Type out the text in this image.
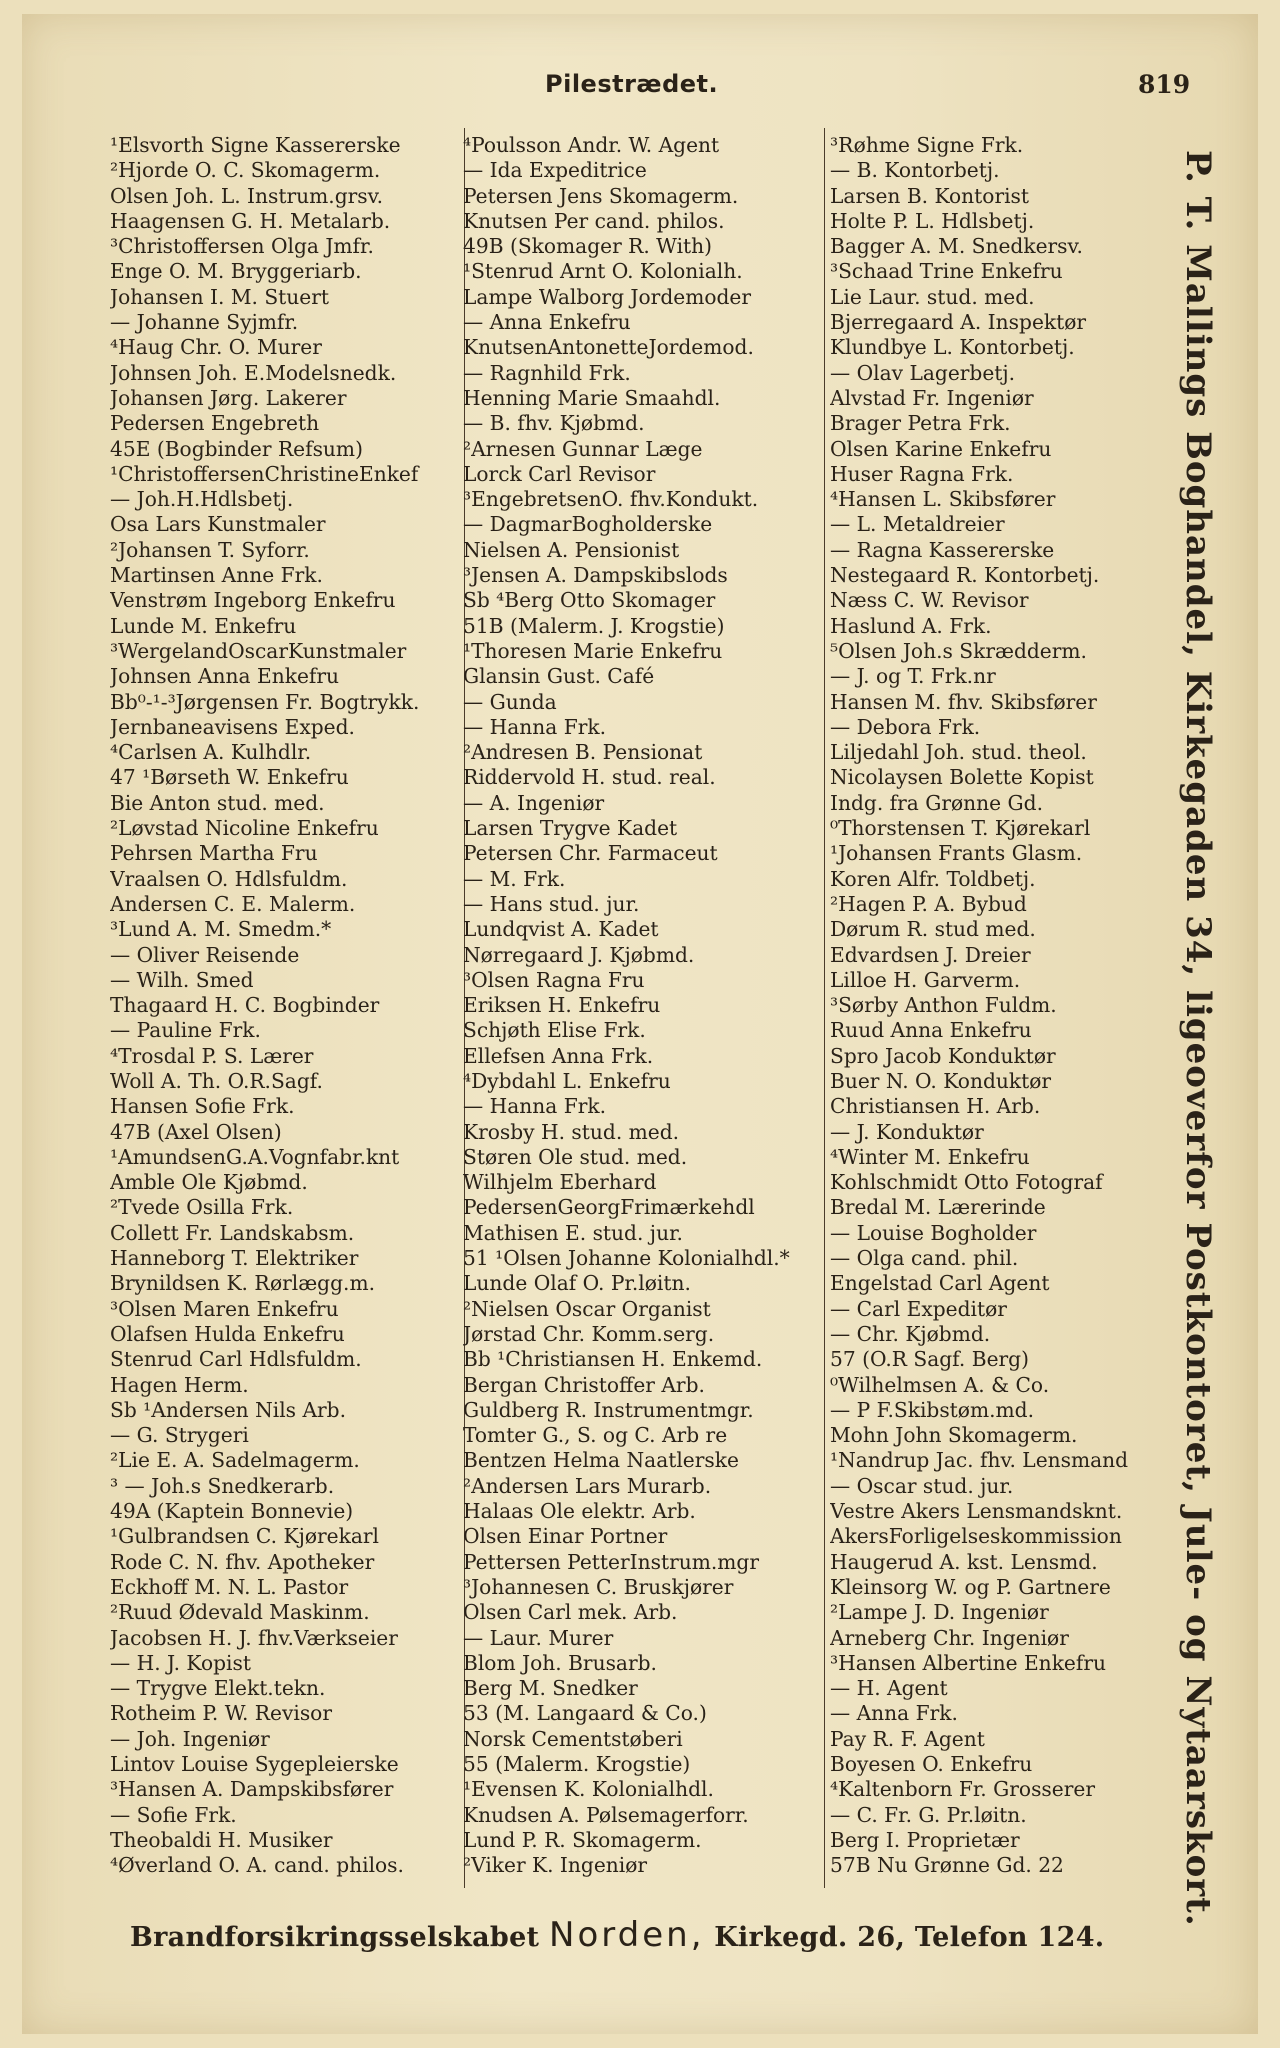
Pilestrædet.	819
¹Elsvorth Signe Kassererske
²Hjorde O. C. Skomagerm.
Olsen Joh. L. Instrum.grsv.
Haagensen G. H. Metalarb.
³Christoffersen Olga Jmfr.
Enge O. M. Bryggeriarb.
Johansen I. M. Stuert
— Johanne Syjmfr.
⁴Haug Chr. O. Murer
Johnsen Joh. E.Modelsnedk.
Johansen Jørg. Lakerer
Pedersen Engebreth
45E (Bogbinder Refsum)
¹ChristoffersenChristineEnkef
— Joh.H.Hdlsbetj.
Osa Lars Kunstmaler
²Johansen T. Syforr.
Martinsen Anne Frk.
Venstrøm Ingeborg Enkefru
Lunde M. Enkefru
³WergelandOscarKunstmaler
Johnsen Anna Enkefru
Bb⁰-¹-³Jørgensen Fr. Bogtrykk.
Jernbaneavisens Exped.
⁴Carlsen A. Kulhdlr.
47 ¹Børseth W. Enkefru
Bie Anton stud. med.
²Løvstad Nicoline Enkefru
Pehrsen Martha Fru
Vraalsen O. Hdlsfuldm.
Andersen C. E. Malerm.
³Lund A. M. Smedm.*
— Oliver Reisende
— Wilh. Smed
Thagaard H. C. Bogbinder
— Pauline Frk.
⁴Trosdal P. S. Lærer
Woll A. Th. O.R.Sagf.
Hansen Sofie Frk.
47B (Axel Olsen)
¹AmundsenG.A.Vognfabr.knt
Amble Ole Kjøbmd.
²Tvede Osilla Frk.
Collett Fr. Landskabsm.
Hanneborg T. Elektriker
Brynildsen K. Rørlægg.m.
³Olsen Maren Enkefru
Olafsen Hulda Enkefru
Stenrud Carl Hdlsfuldm.
Hagen Herm.
Sb ¹Andersen Nils Arb.
— G. Strygeri
²Lie E. A. Sadelmagerm.
³ — Joh.s Snedkerarb.
49A (Kaptein Bonnevie)
¹Gulbrandsen C. Kjørekarl
Rode C. N. fhv. Apotheker
Eckhoff M. N. L. Pastor
²Ruud Ødevald Maskinm.
Jacobsen H. J. fhv.Værkseier
— H. J. Kopist
— Trygve Elekt.tekn.
Rotheim P. W. Revisor
— Joh. Ingeniør
Lintov Louise Sygepleierske
³Hansen A. Dampskibsfører
— Sofie Frk.
Theobaldi H. Musiker
⁴Øverland O. A. cand. philos.
⁴Poulsson Andr. W. Agent
— Ida Expeditrice
Petersen Jens Skomagerm.
Knutsen Per cand. philos.
49B (Skomager R. With)
¹Stenrud Arnt O. Kolonialh.
Lampe Walborg Jordemoder
— Anna Enkefru
KnutsenAntonetteJordemod.
— Ragnhild Frk.
Henning Marie Smaahdl.
— B. fhv. Kjøbmd.
²Arnesen Gunnar Læge
Lorck Carl Revisor
³EngebretsenO. fhv.Kondukt.
— DagmarBogholderske
Nielsen A. Pensionist
³Jensen A. Dampskibslods
Sb ⁴Berg Otto Skomager
51B (Malerm. J. Krogstie)
¹Thoresen Marie Enkefru
Glansin Gust. Café
— Gunda
— Hanna Frk.
²Andresen B. Pensionat
Riddervold H. stud. real.
— A. Ingeniør
Larsen Trygve Kadet
Petersen Chr. Farmaceut
— M. Frk.
— Hans stud. jur.
Lundqvist A. Kadet
Nørregaard J. Kjøbmd.
³Olsen Ragna Fru
Eriksen H. Enkefru
Schjøth Elise Frk.
Ellefsen Anna Frk.
⁴Dybdahl L. Enkefru
— Hanna Frk.
Krosby H. stud. med.
Støren Ole stud. med.
Wilhjelm Eberhard
PedersenGeorgFrimærkehdl
Mathisen E. stud. jur.
51 ¹Olsen Johanne Kolonialhdl.*
Lunde Olaf O. Pr.løitn.
²Nielsen Oscar Organist
Jørstad Chr. Komm.serg.
Bb ¹Christiansen H. Enkemd.
Bergan Christoffer Arb.
Guldberg R. Instrumentmgr.
Tomter G., S. og C. Arb re
Bentzen Helma Naatlerske
²Andersen Lars Murarb.
Halaas Ole elektr. Arb.
Olsen Einar Portner
Pettersen PetterInstrum.mgr
³Johannesen C. Bruskjører
Olsen Carl mek. Arb.
— Laur. Murer
Blom Joh. Brusarb.
Berg M. Snedker
53 (M. Langaard & Co.)
Norsk Cementstøberi
55 (Malerm. Krogstie)
¹Evensen K. Kolonialhdl.
Knudsen A. Pølsemagerforr.
Lund P. R. Skomagerm.
²Viker K. Ingeniør
³Røhme Signe Frk.
— B. Kontorbetj.
Larsen B. Kontorist
Holte P. L. Hdlsbetj.
Bagger A. M. Snedkersv.
³Schaad Trine Enkefru
Lie Laur. stud. med.
Bjerregaard A. Inspektør
Klundbye L. Kontorbetj.
— Olav Lagerbetj.
Alvstad Fr. Ingeniør
Brager Petra Frk.
Olsen Karine Enkefru
Huser Ragna Frk.
⁴Hansen L. Skibsfører
— L. Metaldreier
— Ragna Kassererske
Nestegaard R. Kontorbetj.
Næss C. W. Revisor
Haslund A. Frk.
⁵Olsen Joh.s Skrædderm.
— J. og T. Frk.nr
Hansen M. fhv. Skibsfører
— Debora Frk.
Liljedahl Joh. stud. theol.
Nicolaysen Bolette Kopist
Indg. fra Grønne Gd.
⁰Thorstensen T. Kjørekarl
¹Johansen Frants Glasm.
Koren Alfr. Toldbetj.
²Hagen P. A. Bybud
Dørum R. stud med.
Edvardsen J. Dreier
Lilloe H. Garverm.
³Sørby Anthon Fuldm.
Ruud Anna Enkefru
Spro Jacob Konduktør
Buer N. O. Konduktør
Christiansen H. Arb.
— J. Konduktør
⁴Winter M. Enkefru
Kohlschmidt Otto Fotograf
Bredal M. Lærerinde
— Louise Bogholder
— Olga cand. phil.
Engelstad Carl Agent
— Carl Expeditør
— Chr. Kjøbmd.
57 (O.R Sagf. Berg)
⁰Wilhelmsen A. & Co.
— P F.Skibstøm.md.
Mohn John Skomagerm.
¹Nandrup Jac. fhv. Lensmand
— Oscar stud. jur.
Vestre Akers Lensmandsknt.
AkersForligelseskommission
Haugerud A. kst. Lensmd.
Kleinsorg W. og P. Gartnere
²Lampe J. D. Ingeniør
Arneberg Chr. Ingeniør
³Hansen Albertine Enkefru
— H. Agent
— Anna Frk.
Pay R. F. Agent
Boyesen O. Enkefru
⁴Kaltenborn Fr. Grosserer
— C. Fr. G. Pr.løitn.
Berg I. Proprietær
57B Nu Grønne Gd. 22	P. T. Mallings Boghandel, Kirkegaden 34, ligeoverfor Postkontoret, Jule- og Nytaarskort.
Brandforsikringsselskabet Norden, Kirkegd. 26, Telefon 124.
